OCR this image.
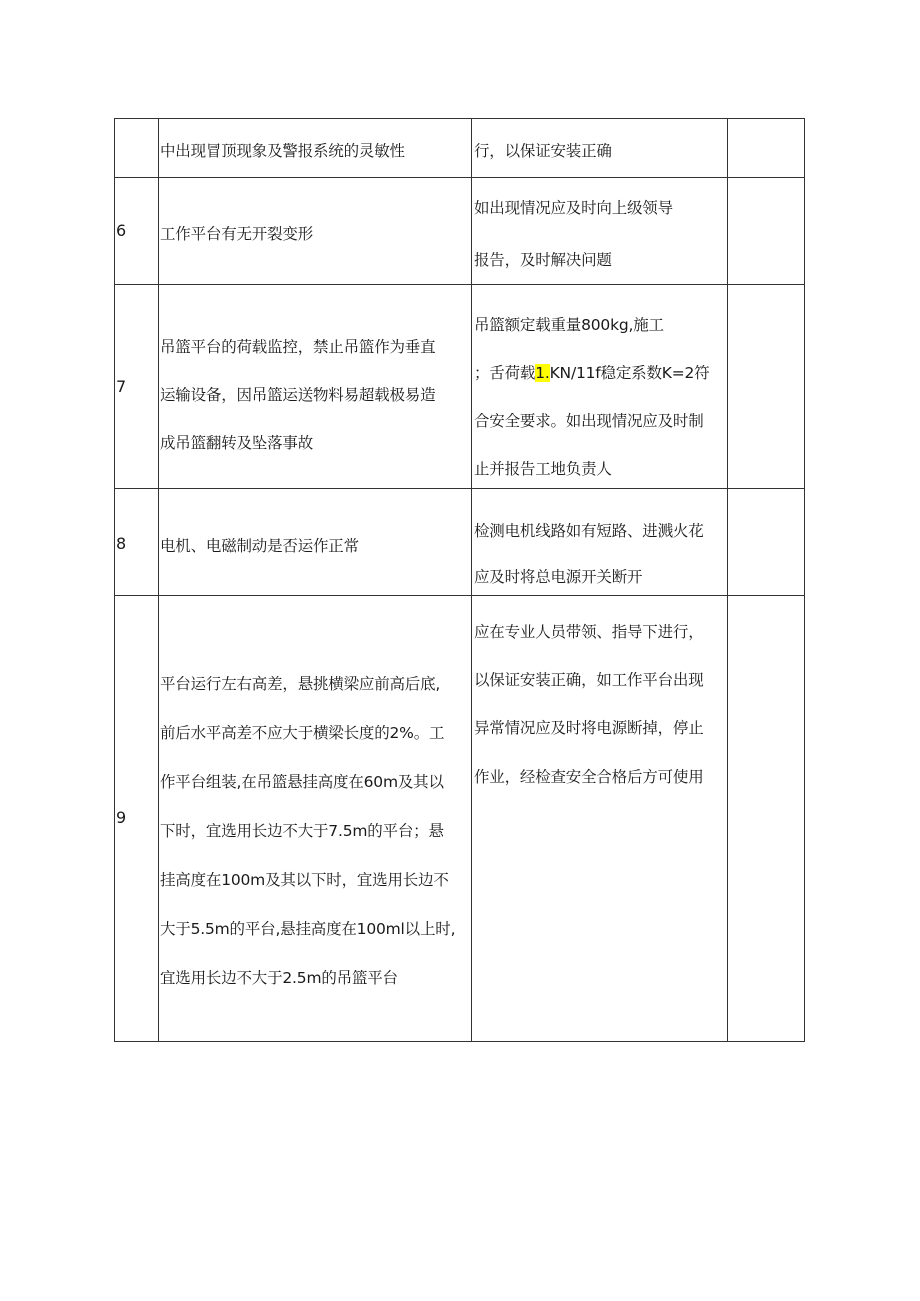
中出现冒顶现象及警报系统的灵敏性	行，以保证安装正确
6 工作平台有无开裂变形
如出现情况应及时向上级领导
报告，及时解决问题
7
吊篮平台的荷载监控，禁止吊篮作为垂直
运输设备，因吊篮运送物料易超载极易造
成吊篮翻转及坠落事故
吊篮额定载重量800kg,施工
；舌荷载1.KN/11f稳定系数K=2符
合安全要求。如出现情况应及时制
止并报告工地负责人
8 电机、电磁制动是否运作正常
检测电机线路如有短路、进溅火花
应及时将总电源开关断开
9
平台运行左右高差，悬挑横梁应前高后底,
前后水平高差不应大于横梁长度的2%。工
作平台组装,在吊篮悬挂高度在60m及其以
下时，宜选用长边不大于7.5m的平台；悬
挂高度在100m及其以下时，宜选用长边不
大于5.5m的平台,悬挂高度在100ml以上时,
宜选用长边不大于2.5m的吊篮平台
应在专业人员带领、指导下进行，
以保证安装正确，如工作平台出现
异常情况应及时将电源断掉，停止
作业，经检查安全合格后方可使用
